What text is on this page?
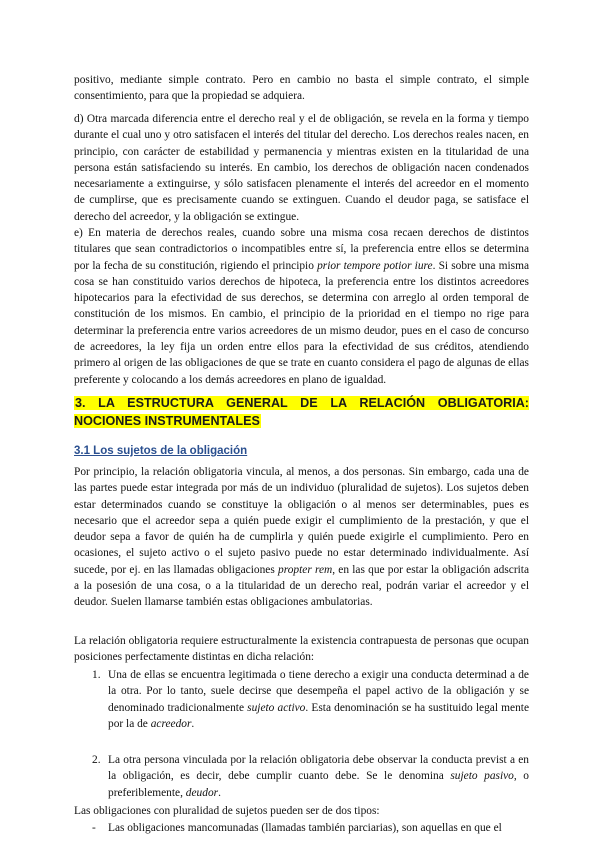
positivo, mediante simple contrato. Pero en cambio no basta el simple contrato, el simple consentimiento, para que la propiedad se adquiera.

d) Otra marcada diferencia entre el derecho real y el de obligación, se revela en la forma y tiempo durante el cual uno y otro satisfacen el interés del titular del derecho. Los derechos reales nacen, en principio, con carácter de estabilidad y permanencia y mientras existen en la titularidad de una persona están satisfaciendo su interés. En cambio, los derechos de obligación nacen condenados necesariamente a extinguirse, y sólo satisfacen plenamente el interés del acreedor en el momento de cumplirse, que es precisamente cuando se extinguen. Cuando el deudor paga, se satisface el derecho del acreedor, y la obligación se extingue.

e) En materia de derechos reales, cuando sobre una misma cosa recaen derechos de distintos titulares que sean contradictorios o incompatibles entre sí, la preferencia entre ellos se determina por la fecha de su constitución, rigiendo el principio prior tempore potior iure. Si sobre una misma cosa se han constituido varios derechos de hipoteca, la preferencia entre los distintos acreedores hipotecarios para la efectividad de sus derechos, se determina con arreglo al orden temporal de constitución de los mismos. En cambio, el principio de la prioridad en el tiempo no rige para determinar la preferencia entre varios acreedores de un mismo deudor, pues en el caso de concurso de acreedores, la ley fija un orden entre ellos para la efectividad de sus créditos, atendiendo primero al origen de las obligaciones de que se trate en cuanto considera el pago de algunas de ellas preferente y colocando a los demás acreedores en plano de igualdad.

3. LA ESTRUCTURA GENERAL DE LA RELACIÓN OBLIGATORIA: NOCIONES INSTRUMENTALES
3.1 Los sujetos de la obligación

Por principio, la relación obligatoria vincula, al menos, a dos personas. Sin embargo, cada una de las partes puede estar integrada por más de un individuo (pluralidad de sujetos). Los sujetos deben estar determinados cuando se constituye la obligación o al menos ser determinables, pues es necesario que el acreedor sepa a quién puede exigir el cumplimiento de la prestación, y que el deudor sepa a favor de quién ha de cumplirla y quién puede exigirle el cumplimiento. Pero en ocasiones, el sujeto activo o el sujeto pasivo puede no estar determinado individualmente. Así sucede, por ej. en las llamadas obligaciones propter rem, en las que por estar la obligación adscrita a la posesión de una cosa, o a la titularidad de un derecho real, podrán variar el acreedor y el deudor. Suelen llamarse también estas obligaciones ambulatorias.

La relación obligatoria requiere estructuralmente la existencia contrapuesta de personas que ocupan posiciones perfectamente distintas en dicha relación:

1. Una de ellas se encuentra legitimada o tiene derecho a exigir una conducta determinad a de la otra. Por lo tanto, suele decirse que desempeña el papel activo de la obligación y se denominado tradicionalmente sujeto activo. Esta denominación se ha sustituido legal mente por la de acreedor.

2. La otra persona vinculada por la relación obligatoria debe observar la conducta previst a en la obligación, es decir, debe cumplir cuanto debe. Se le denomina sujeto pasivo, o preferiblemente, deudor.

Las obligaciones con pluralidad de sujetos pueden ser de dos tipos:

- Las obligaciones mancomunadas (llamadas también parciarias), son aquellas en que el
